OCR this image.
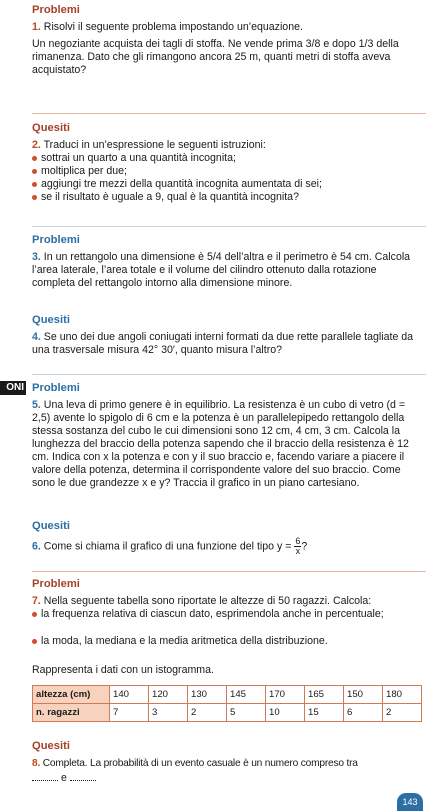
Problemi

1. Risolvi il seguente problema impostando un’equazione.

Un negoziante acquista dei tagli di stoffa. Ne vende prima 3/8 e dopo 1/3 della rimanenza. Dato che gli rimangono ancora 25 m, quanti metri di stoffa aveva acquistato?

Quesiti

2. Traduci in un’espressione le seguenti istruzioni:

sottrai un quarto a una quantità incognita;
moltiplica per due;
aggiungi tre mezzi della quantità incognita aumentata di sei;
se il risultato è uguale a 9, qual è la quantità incognita?
Problemi

3. In un rettangolo una dimensione è 5/4 dell’altra e il perimetro è 54 cm. Calcola l’area laterale, l’area totale e il volume del cilindro ottenuto dalla rotazione completa del rettangolo intorno alla dimensione minore.

Quesiti

4. Se uno dei due angoli coniugati interni formati da due rette parallele tagliate da una trasversale misura 42° 30′, quanto misura l’altro?

ONI Problemi

5. Una leva di primo genere è in equilibrio. La resistenza è un cubo di vetro (d = 2,5) avente lo spigolo di 6 cm e la potenza è un parallelepipedo rettangolo della stessa sostanza del cubo le cui dimensioni sono 12 cm, 4 cm, 3 cm. Calcola la lunghezza del braccio della potenza sapendo che il braccio della resistenza è 12 cm. Indica con x la potenza e con y il suo braccio e, facendo variare a piacere il valore della potenza, determina il corrispondente valore del suo braccio. Come sono le due grandezze x e y? Traccia il grafico in un piano cartesiano.

Quesiti

6. Come si chiama il grafico di una funzione del tipo $y = \frac{6}{x}$ ?

Problemi

7. Nella seguente tabella sono riportate le altezze di 50 ragazzi. Calcola:

la frequenza relativa di ciascun dato, esprimendola anche in percentuale;
la moda, la mediana e la media aritmetica della distribuzione.

Rappresenta i dati con un istogramma.

altezza (cm)	140	120	130	145	170	165	150	180
n. ragazzi	7	3	2	5	10	15	6	2
Quesiti

8. Completa. La probabilità di un evento casuale è un numero compreso tra

e

143
